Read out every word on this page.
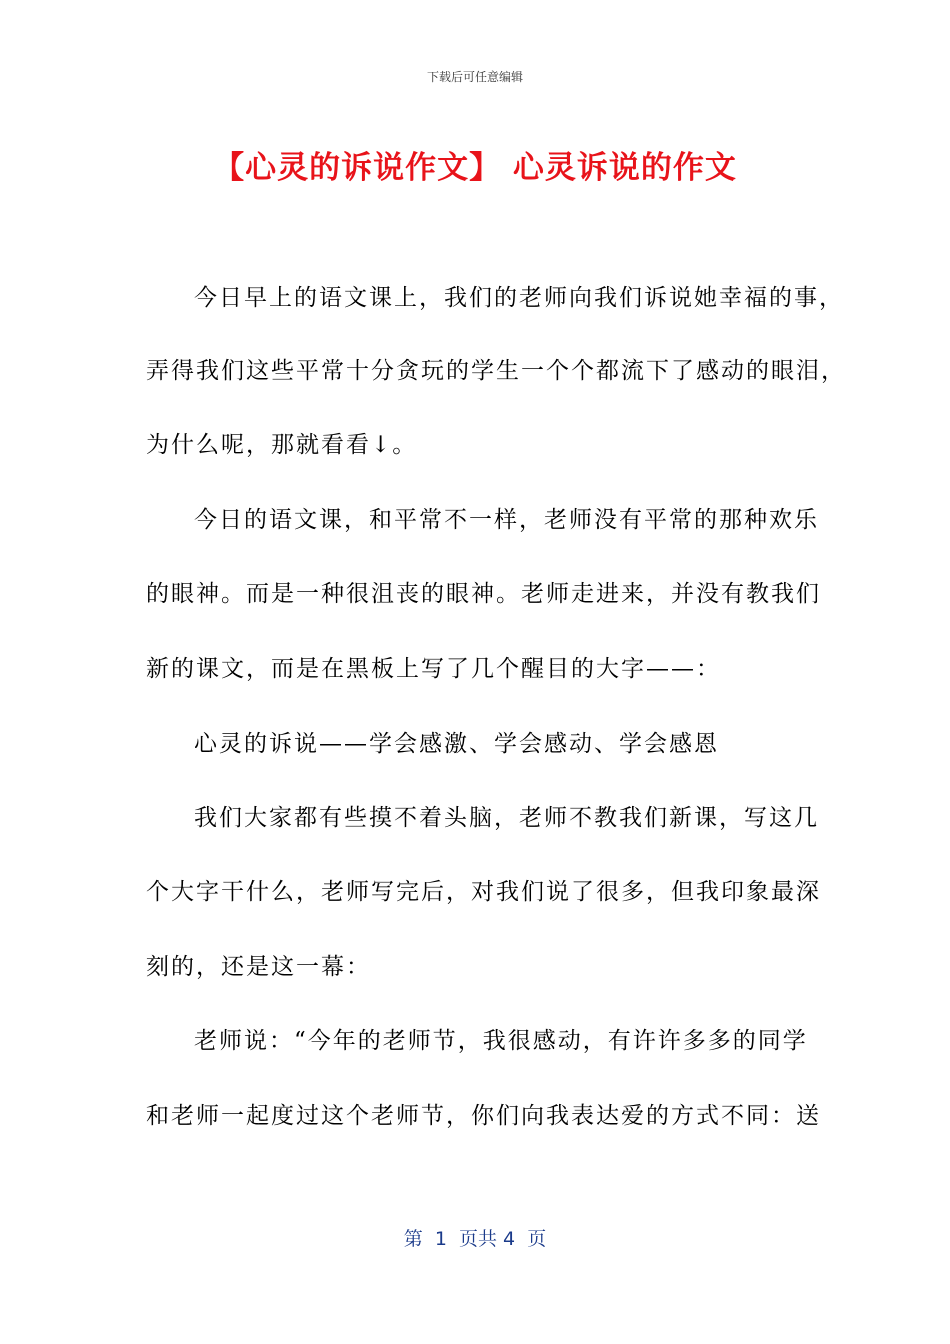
下载后可任意编辑
【心灵的诉说作文】 心灵诉说的作文
今日早上的语文课上，我们的老师向我们诉说她幸福的事，
弄得我们这些平常十分贪玩的学生一个个都流下了感动的眼泪，
为什么呢，那就看看↓。
今日的语文课，和平常不一样，老师没有平常的那种欢乐
的眼神。而是一种很沮丧的眼神。老师走进来，并没有教我们
新的课文，而是在黑板上写了几个醒目的大字——：
心灵的诉说——学会感激、学会感动、学会感恩
我们大家都有些摸不着头脑，老师不教我们新课，写这几
个大字干什么，老师写完后，对我们说了很多，但我印象最深
刻的，还是这一幕：
老师说：“今年的老师节，我很感动，有许许多多的同学
和老师一起度过这个老师节，你们向我表达爱的方式不同：送
第  1  页共 4  页
